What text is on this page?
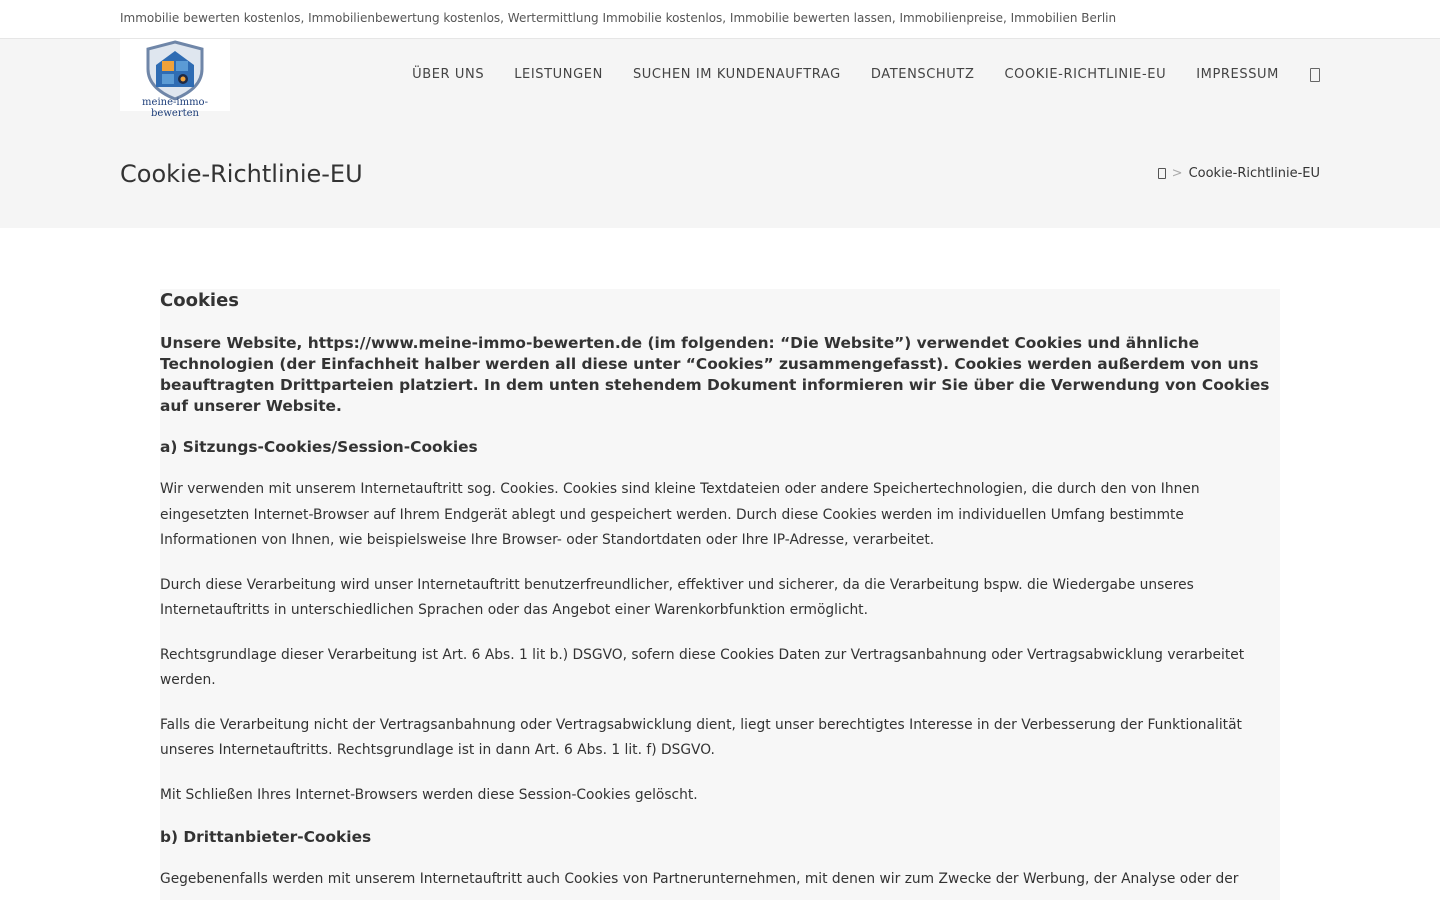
Immobilie bewerten kostenlos, Immobilienbewertung kostenlos, Wertermittlung Immobilie kostenlos, Immobilie bewerten lassen, Immobilienpreise, Immobilien Berlin
meine-immo-bewerten
ÜBER UNS LEISTUNGEN SUCHEN IM KUNDENAUFTRAG DATENSCHUTZ COOKIE-RICHTLINIE-EU IMPRESSUM
Cookie-Richtlinie-EU	> Cookie-Richtlinie-EU
Cookies
Unsere Website, https://www.meine-immo-bewerten.de (im folgenden: “Die Website”) verwendet Cookies und ähnliche Technologien (der Einfachheit halber werden all diese unter “Cookies” zusammengefasst). Cookies werden außerdem von uns beauftragten Drittparteien platziert. In dem unten stehendem Dokument informieren wir Sie über die Verwendung von Cookies auf unserer Website.
a) Sitzungs-Cookies/Session-Cookies

Wir verwenden mit unserem Internetauftritt sog. Cookies. Cookies sind kleine Textdateien oder andere Speichertechnologien, die durch den von Ihnen eingesetzten Internet-Browser auf Ihrem Endgerät ablegt und gespeichert werden. Durch diese Cookies werden im individuellen Umfang bestimmte Informationen von Ihnen, wie beispielsweise Ihre Browser- oder Standortdaten oder Ihre IP-Adresse, verarbeitet.

Durch diese Verarbeitung wird unser Internetauftritt benutzerfreundlicher, effektiver und sicherer, da die Verarbeitung bspw. die Wiedergabe unseres Internetauftritts in unterschiedlichen Sprachen oder das Angebot einer Warenkorbfunktion ermöglicht.

Rechtsgrundlage dieser Verarbeitung ist Art. 6 Abs. 1 lit b.) DSGVO, sofern diese Cookies Daten zur Vertragsanbahnung oder Vertragsabwicklung verarbeitet werden.

Falls die Verarbeitung nicht der Vertragsanbahnung oder Vertragsabwicklung dient, liegt unser berechtigtes Interesse in der Verbesserung der Funktionalität unseres Internetauftritts. Rechtsgrundlage ist in dann Art. 6 Abs. 1 lit. f) DSGVO.

Mit Schließen Ihres Internet-Browsers werden diese Session-Cookies gelöscht.

b) Drittanbieter-Cookies

Gegebenenfalls werden mit unserem Internetauftritt auch Cookies von Partnerunternehmen, mit denen wir zum Zwecke der Werbung, der Analyse oder der
